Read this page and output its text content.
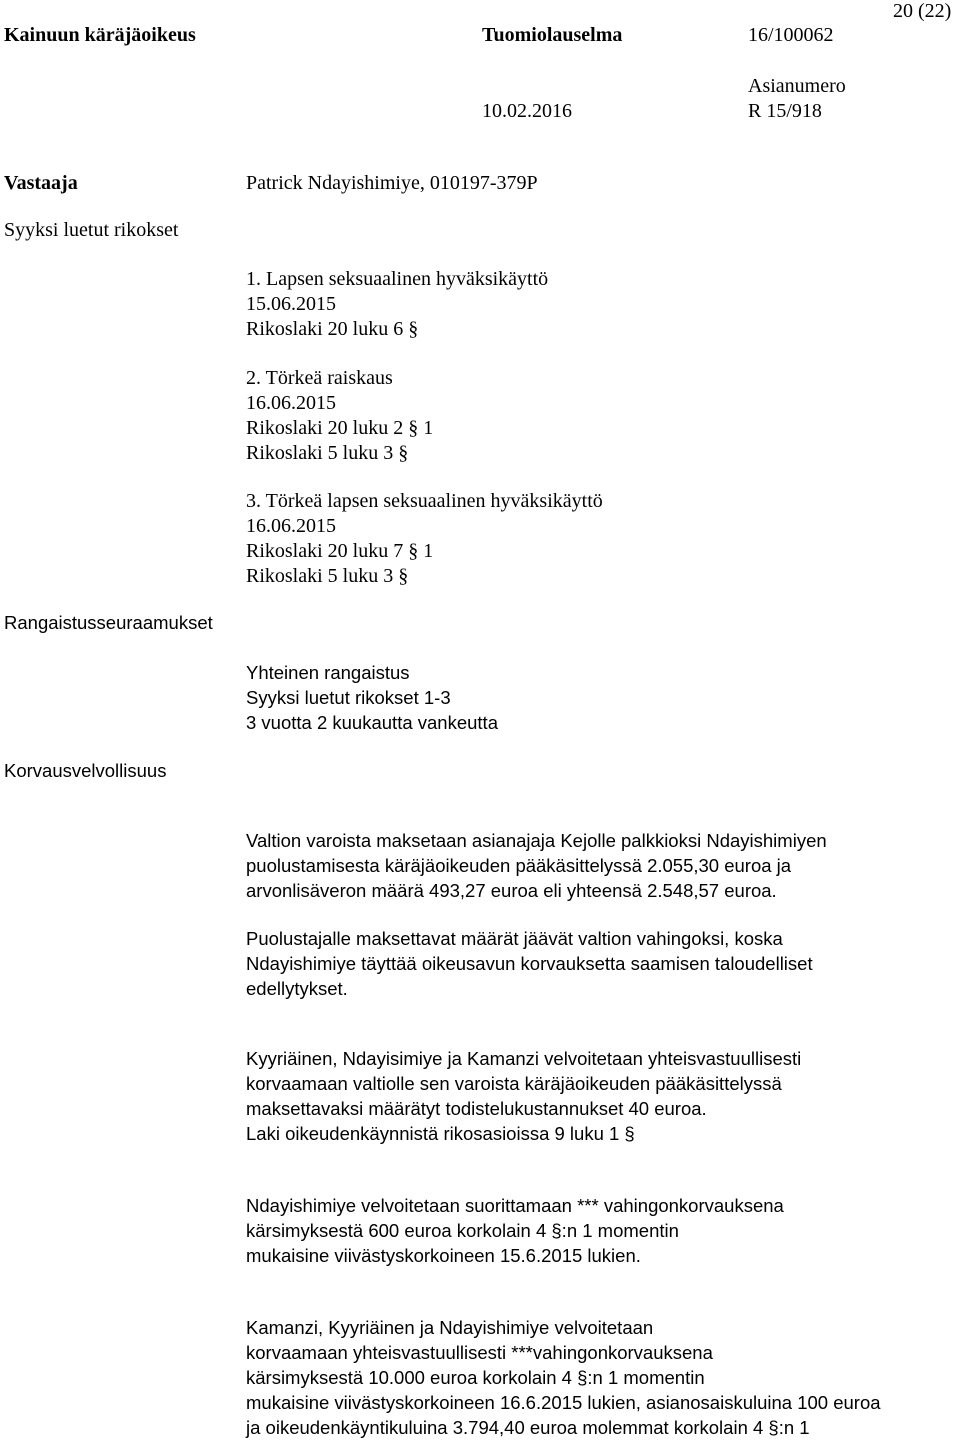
Kainuun käräjäoikeus	Tuomiolauselma	16/100062
20 (22)
Asianumero
10.02.2016	R 15/918
Vastaaja	Patrick Ndayishimiye, 010197-379P
Syyksi luetut rikokset
1. Lapsen seksuaalinen hyväksikäyttö
15.06.2015
Rikoslaki 20 luku 6 §
2. Törkeä raiskaus
16.06.2015
Rikoslaki 20 luku 2 § 1
Rikoslaki 5 luku 3 §
3. Törkeä lapsen seksuaalinen hyväksikäyttö
16.06.2015
Rikoslaki 20 luku 7 § 1
Rikoslaki 5 luku 3 §
Rangaistusseuraamukset
Yhteinen rangaistus
Syyksi luetut rikokset 1-3
3 vuotta 2 kuukautta vankeutta
Korvausvelvollisuus
Valtion varoista maksetaan asianajaja Kejolle palkkioksi Ndayishimiyen
puolustamisesta käräjäoikeuden pääkäsittelyssä 2.055,30 euroa ja
arvonlisäveron määrä 493,27 euroa eli yhteensä 2.548,57 euroa.
Puolustajalle maksettavat määrät jäävät valtion vahingoksi, koska
Ndayishimiye täyttää oikeusavun korvauksetta saamisen taloudelliset
edellytykset.
Kyyriäinen, Ndayisimiye ja Kamanzi velvoitetaan yhteisvastuullisesti
korvaamaan valtiolle sen varoista käräjäoikeuden pääkäsittelyssä
maksettavaksi määrätyt todistelukustannukset 40 euroa.
Laki oikeudenkäynnistä rikosasioissa 9 luku 1 §
Ndayishimiye velvoitetaan suorittamaan *** vahingonkorvauksena
kärsimyksestä 600 euroa korkolain 4 §:n 1 momentin
mukaisine viivästyskorkoineen 15.6.2015 lukien.
Kamanzi, Kyyriäinen ja Ndayishimiye velvoitetaan
korvaamaan yhteisvastuullisesti ***vahingonkorvauksena
kärsimyksestä 10.000 euroa korkolain 4 §:n 1 momentin
mukaisine viivästyskorkoineen 16.6.2015 lukien, asianosaiskuluina 100 euroa
ja oikeudenkäyntikuluina 3.794,40 euroa molemmat korkolain 4 §:n 1
